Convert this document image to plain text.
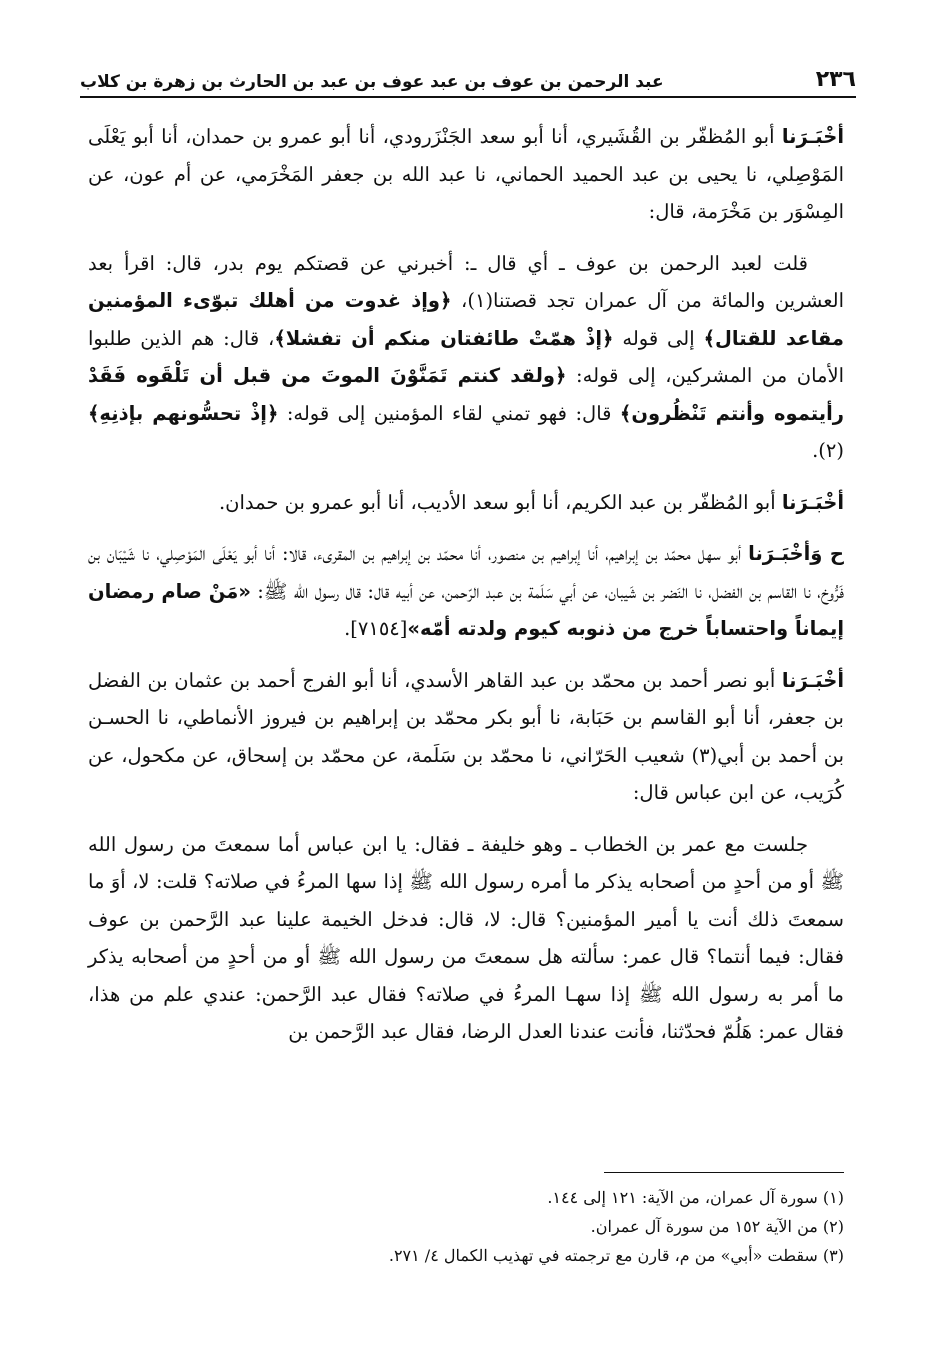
٢٣٦
عبد الرحمن بن عوف بن عبد عوف بن عبد بن الحارث بن زهرة بن كلاب

أخْبَـرَنا أبو المُظفّر بن القُشَيري، أنا أبو سعد الجَنْزَرودي، أنا أبو عمرو بن حمدان، أنا أبو يَعْلَى المَوْصِلي، نا يحيى بن عبد الحميد الحماني، نا عبد الله بن جعفر المَخْرَمي، عن أم عون، عن المِسْوَر بن مَخْرَمة، قال:

قلت لعبد الرحمن بن عوف ـ أي قال ـ: أخبرني عن قصتكم يوم بدر، قال: اقرأ بعد العشرين والمائة من آل عمران تجد قصتنا(١)، ﴿وإذ غدوت من أهلك تبوّىء المؤمنين مقاعد للقتال﴾ إلى قوله ﴿إذْ همّتْ طائفتان منكم أن تفشلا﴾، قال: هم الذين طلبوا الأمان من المشركين، إلى قوله: ﴿ولقد كنتم تَمَنَّوْنَ الموتَ من قبل أن تَلْقَوه فَقَدْ رأيتموه وأنتم تَنْظُرون﴾ قال: فهو تمني لقاء المؤمنين إلى قوله: ﴿إذْ تحسُّونهم بإذنِهِ﴾(٢).

أخْبَـرَنا أبو المُظفّر بن عبد الكريم، أنا أبو سعد الأديب، أنا أبو عمرو بن حمدان.

ح وَأخْبَـرَنا أبو سهل محمّد بن إبراهيم، أنا إبراهيم بن منصور، أنا محمّد بن إبراهيم بن المقرىء، قالا: أنا أبو يَعْلَى المَوْصِلي، نا شَيْبَان بن فَرُّوخ، نا القاسم بن الفضل، نا النَضر بن شَيبان، عن أبي سَلَمة بن عبد الرّحمن، عن أبيه قال: قال رسول الله ﷺ: «مَنْ صام رمضان إيماناً واحتساباً خرج من ذنوبه كيوم ولدته أمّه»[٧١٥٤].

أخْبَـرَنا أبو نصر أحمد بن محمّد بن عبد القاهر الأسدي، أنا أبو الفرج أحمد بن عثمان بن الفضل بن جعفر، أنا أبو القاسم بن حَبَابة، نا أبو بكر محمّد بن إبراهيم بن فيروز الأنماطي، نا الحسـن بن أحمد بن أبي(٣) شعيب الحَرّاني، نا محمّد بن سَلَمة، عن محمّد بن إسحاق، عن مكحول، عن كُرَيب، عن ابن عباس قال:

جلست مع عمر بن الخطاب ـ وهو خليفة ـ فقال: يا ابن عباس أما سمعتَ من رسول الله ﷺ أو من أحدٍ من أصحابه يذكر ما أمره رسول الله ﷺ إذا سها المرءُ في صلاته؟ قلت: لا، أوَ ما سمعتَ ذلك أنت يا أمير المؤمنين؟ قال: لا، قال: فدخل الخيمة علينا عبد الرَّحمن بن عوف فقال: فيما أنتما؟ قال عمر: سألته هل سمعتَ من رسول الله ﷺ أو من أحدٍ من أصحابه يذكر ما أمر به رسول الله ﷺ إذا سهـا المرءُ في صلاته؟ فقال عبد الرَّحمن: عندي علم من هذا، فقال عمر: هَلُمّ فحدّثنا، فأنت عندنا العدل الرضا، فقال عبد الرَّحمن بن

(١) سورة آل عمران، من الآية: ١٢١ إلى ١٤٤.
(٢) من الآية ١٥٢ من سورة آل عمران.
(٣) سقطت «أبي» من م، قارن مع ترجمته في تهذيب الكمال ٤/ ٢٧١.
